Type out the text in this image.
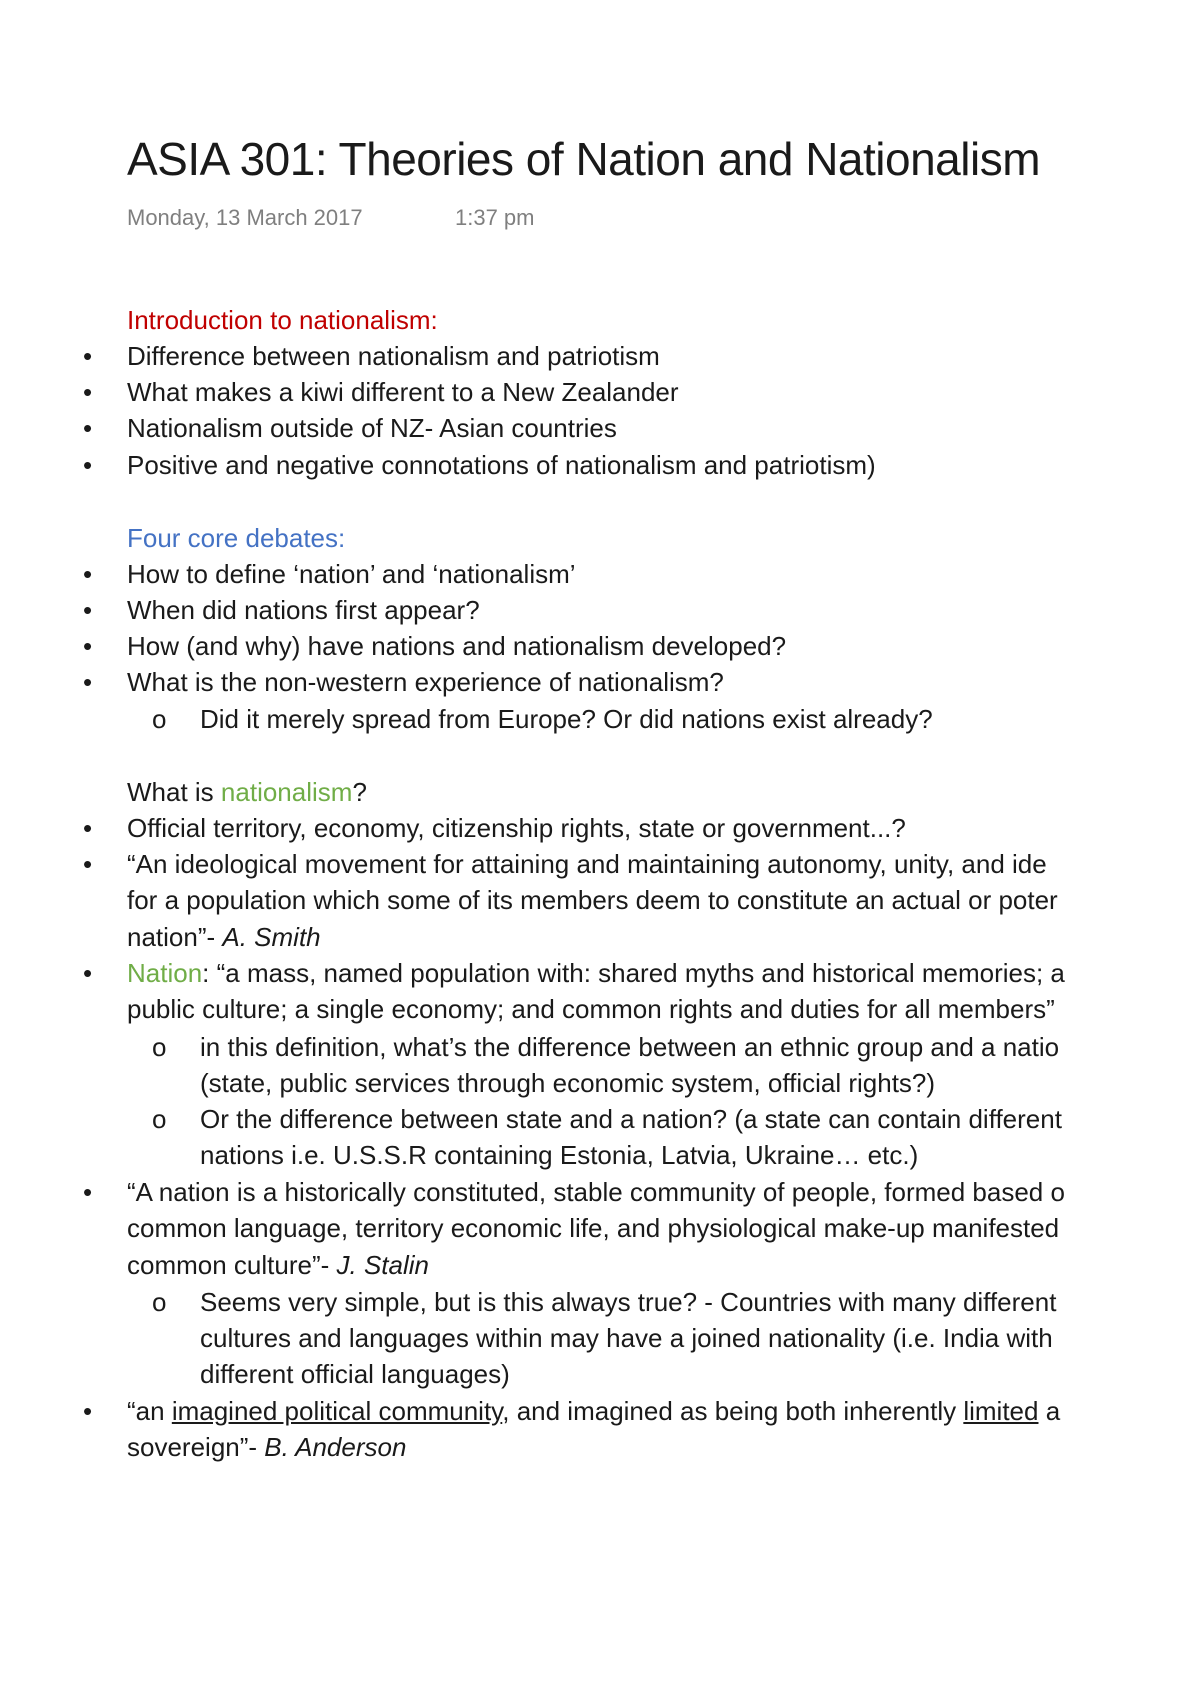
ASIA 301: Theories of Nation and Nationalism
Monday, 13 March 2017	1:37 pm
Introduction to nationalism:
• Difference between nationalism and patriotism
• What makes a kiwi different to a New Zealander
• Nationalism outside of NZ- Asian countries
• Positive and negative connotations of nationalism and patriotism)
Four core debates:
• How to define ‘nation’ and ‘nationalism’
• When did nations first appear?
• How (and why) have nations and nationalism developed?
• What is the non-western experience of nationalism?
o Did it merely spread from Europe? Or did nations exist already?
What is nationalism?
• Official territory, economy, citizenship rights, state or government...?
• “An ideological movement for attaining and maintaining autonomy, unity, and ide
for a population which some of its members deem to constitute an actual or poter
nation”- A. Smith
• Nation: “a mass, named population with: shared myths and historical memories; a
public culture; a single economy; and common rights and duties for all members”
o in this definition, what’s the difference between an ethnic group and a natio
(state, public services through economic system, official rights?)
o Or the difference between state and a nation? (a state can contain different
nations i.e. U.S.S.R containing Estonia, Latvia, Ukraine… etc.)
• “A nation is a historically constituted, stable community of people, formed based o
common language, territory economic life, and physiological make-up manifested
common culture”- J. Stalin
o Seems very simple, but is this always true? - Countries with many different
cultures and languages within may have a joined nationality (i.e. India with
different official languages)
• “an imagined political community, and imagined as being both inherently limited a
sovereign”- B. Anderson
